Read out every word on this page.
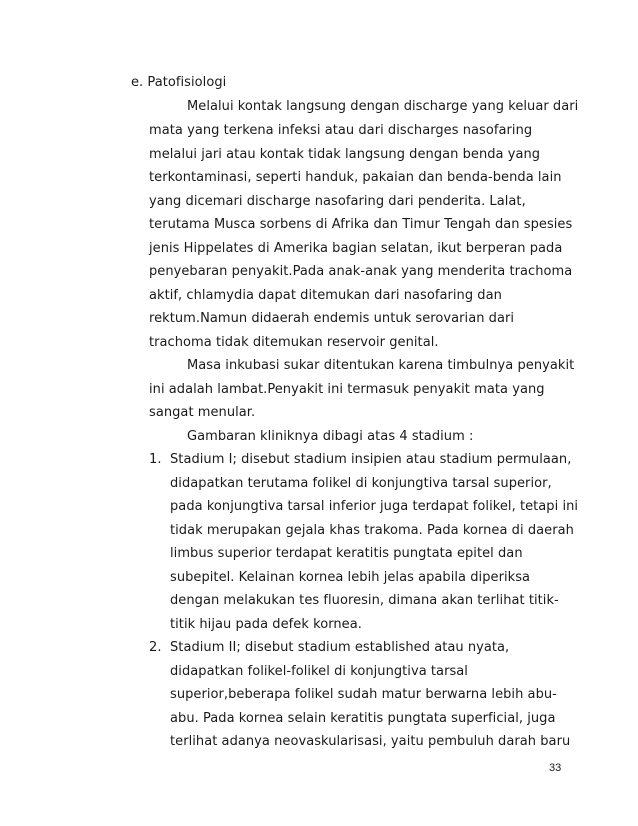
e. Patofisiologi
Melalui kontak langsung dengan discharge yang keluar dari
mata yang terkena infeksi atau dari discharges nasofaring
melalui jari atau kontak tidak langsung dengan benda yang
terkontaminasi, seperti handuk, pakaian dan benda-benda lain
yang dicemari discharge nasofaring dari penderita. Lalat,
terutama Musca sorbens di Afrika dan Timur Tengah dan spesies
jenis Hippelates di Amerika bagian selatan, ikut berperan pada
penyebaran penyakit.Pada anak-anak yang menderita trachoma
aktif, chlamydia dapat ditemukan dari nasofaring dan
rektum.Namun didaerah endemis untuk serovarian dari
trachoma tidak ditemukan reservoir genital.
Masa inkubasi sukar ditentukan karena timbulnya penyakit
ini adalah lambat.Penyakit ini termasuk penyakit mata yang
sangat menular.
Gambaran kliniknya dibagi atas 4 stadium :
1. Stadium I; disebut stadium insipien atau stadium permulaan,
didapatkan terutama folikel di konjungtiva tarsal superior,
pada konjungtiva tarsal inferior juga terdapat folikel, tetapi ini
tidak merupakan gejala khas trakoma. Pada kornea di daerah
limbus superior terdapat keratitis pungtata epitel dan
subepitel. Kelainan kornea lebih jelas apabila diperiksa
dengan melakukan tes fluoresin, dimana akan terlihat titik-
titik hijau pada defek kornea.
2. Stadium II; disebut stadium established atau nyata,
didapatkan folikel-folikel di konjungtiva tarsal
superior,beberapa folikel sudah matur berwarna lebih abu-
abu. Pada kornea selain keratitis pungtata superficial, juga
terlihat adanya neovaskularisasi, yaitu pembuluh darah baru
33
